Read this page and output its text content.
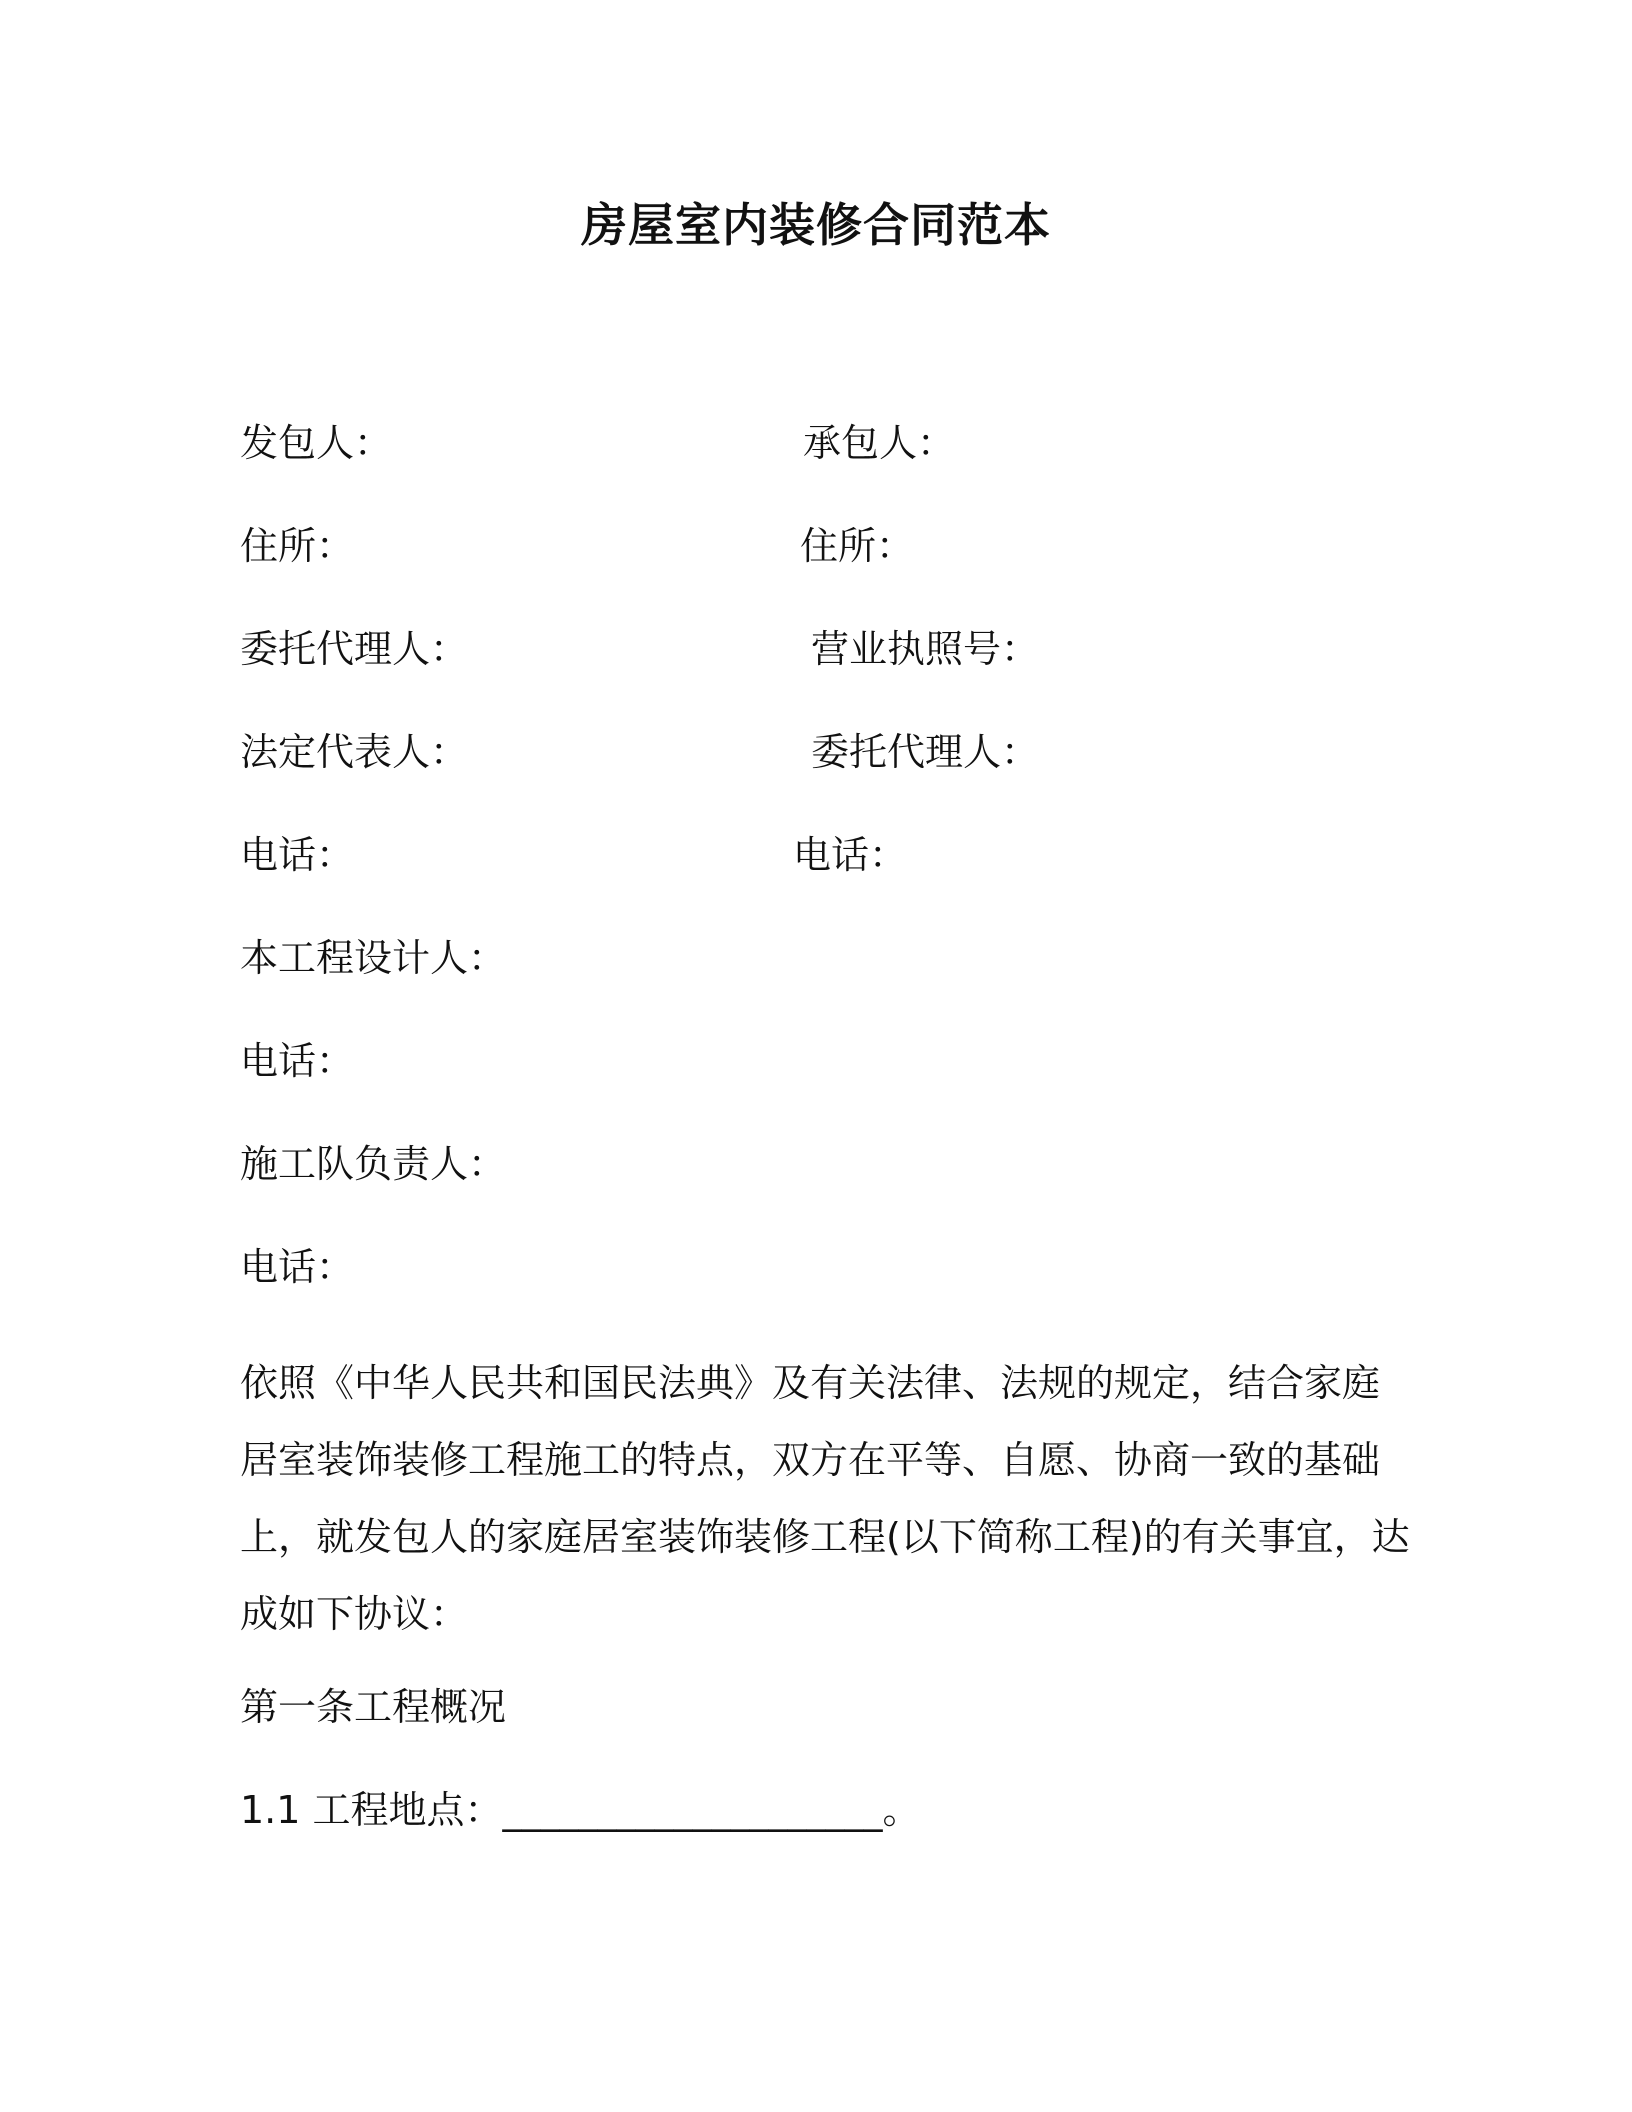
房屋室内装修合同范本
发包人：
住所：
委托代理人：
法定代表人：
电话：
承包人：
住所：
营业执照号：
委托代理人：
电话：
本工程设计人：
电话：
施工队负责人：
电话：
依照《中华人民共和国民法典》及有关法律、法规的规定，结合家庭
居室装饰装修工程施工的特点，双方在平等、自愿、协商一致的基础
上，就发包人的家庭居室装饰装修工程(以下简称工程)的有关事宜，达
成如下协议：
第一条工程概况
1.1 工程地点：____________________。
